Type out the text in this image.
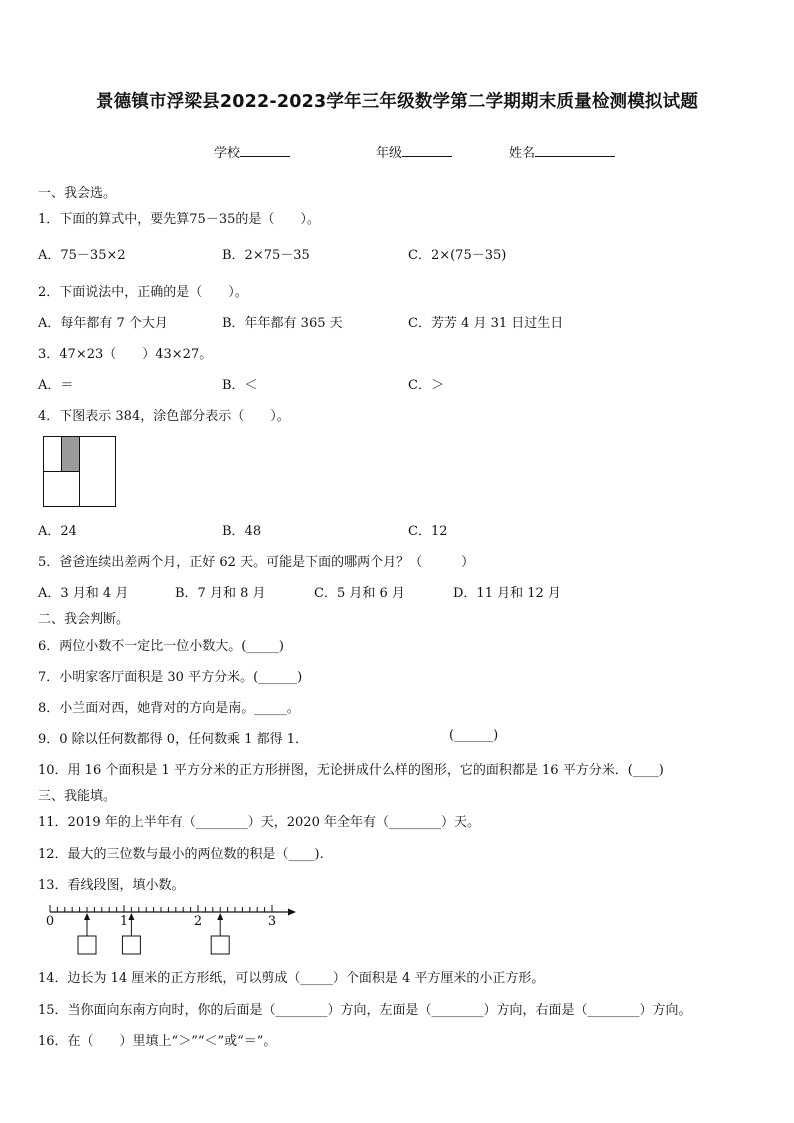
景德镇市浮梁县2022-2023学年三年级数学第二学期期末质量检测模拟试题
学校	年级	姓名
一、我会选。
1．下面的算式中，要先算75－35的是（　　）。
A．75－35×2	B．2×75－35	C．2×(75－35)
2．下面说法中，正确的是（　　）。
A．每年都有 7 个大月	B．年年都有 365 天	C．芳芳 4 月 31 日过生日
3．47×23（　　）43×27。
A．＝	B．＜	C．＞
4．下图表示 384，涂色部分表示（　　）。
A．24	B．48	C．12
5．爸爸连续出差两个月，正好 62 天。可能是下面的哪两个月？（　　　）
A．3 月和 4 月	B．7 月和 8 月	C．5 月和 6 月	D．11 月和 12 月
二、我会判断。
6．两位小数不一定比一位小数大。(_____)
7．小明家客厅面积是 30 平方分米。(______)
8．小兰面对西，她背对的方向是南。_____。
9．0 除以任何数都得 0，任何数乘 1 都得 1．	(______)
10．用 16 个面积是 1 平方分米的正方形拼图，无论拼成什么样的图形，它的面积都是 16 平方分米．(____)
三、我能填。
11．2019 年的上半年有（________）天，2020 年全年有（________）天。
12．最大的三位数与最小的两位数的积是（____).
13．看线段图，填小数。
0	1	2	3
14．边长为 14 厘米的正方形纸，可以剪成（_____）个面积是 4 平方厘米的小正方形。
15．当你面向东南方向时，你的后面是（________）方向，左面是（________）方向，右面是（________）方向。
16．在（　　）里填上“＞”“＜”或“＝”。
